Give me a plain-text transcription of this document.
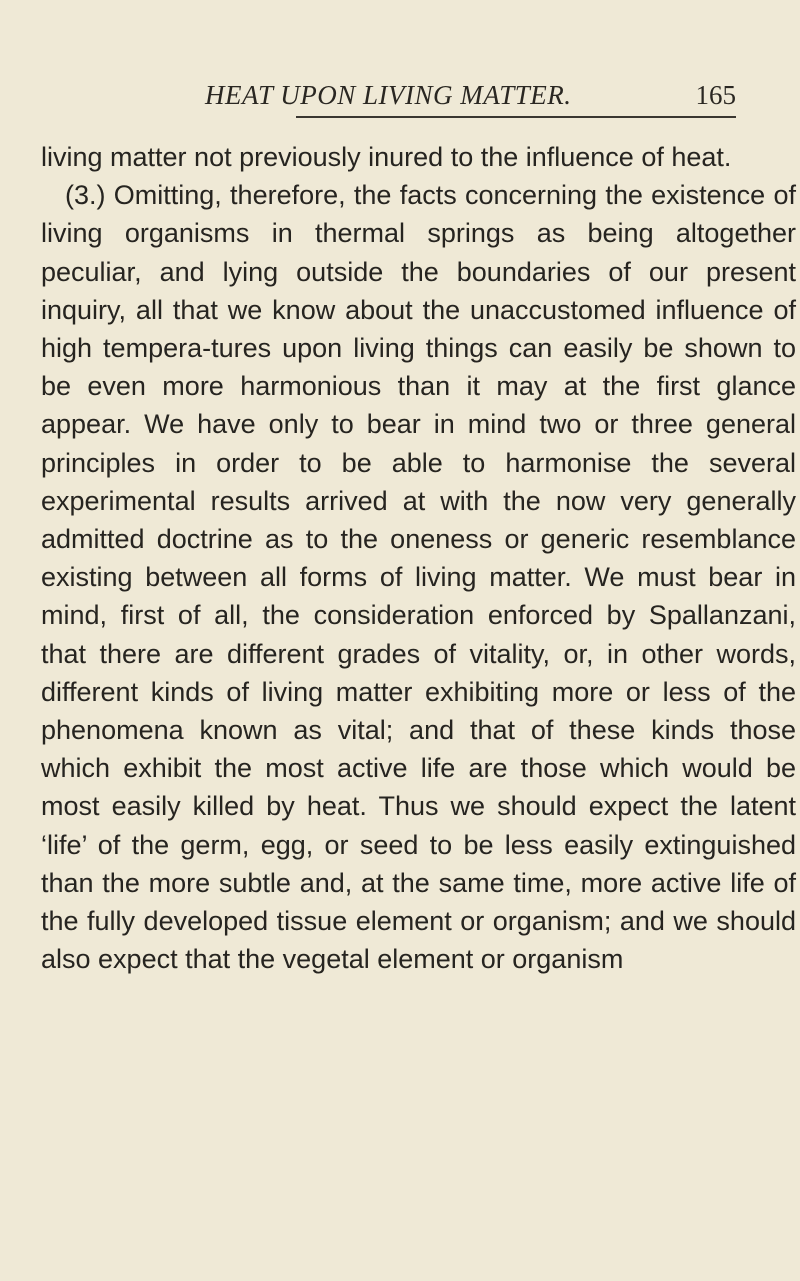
HEAT UPON LIVING MATTER.	165

living matter not previously inured to the influence of heat.

(3.) Omitting, therefore, the facts concerning the existence of living organisms in thermal springs as being altogether peculiar, and lying outside the boundaries of our present inquiry, all that we know about the unaccustomed influence of high tempera-tures upon living things can easily be shown to be even more harmonious than it may at the first glance appear. We have only to bear in mind two or three general principles in order to be able to harmonise the several experimental results arrived at with the now very generally admitted doctrine as to the oneness or generic resemblance existing between all forms of living matter. We must bear in mind, first of all, the consideration enforced by Spallanzani, that there are different grades of vitality, or, in other words, different kinds of living matter exhibiting more or less of the phenomena known as vital; and that of these kinds those which exhibit the most active life are those which would be most easily killed by heat. Thus we should expect the latent ‘life’ of the germ, egg, or seed to be less easily extinguished than the more subtle and, at the same time, more active life of the fully developed tissue element or organism; and we should also expect that the vegetal element or organism
